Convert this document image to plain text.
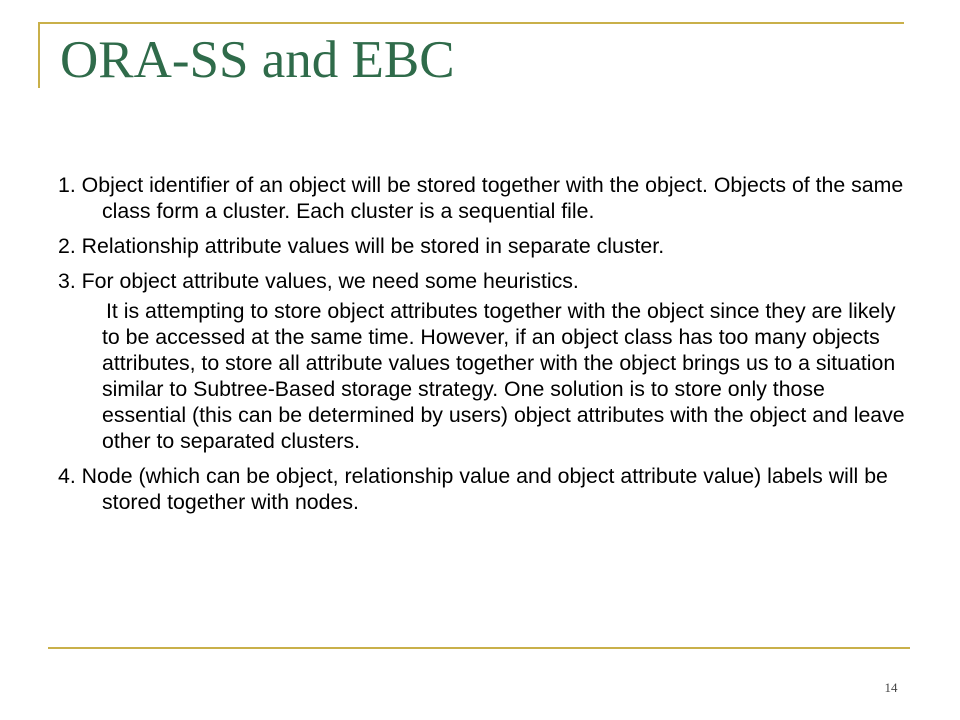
ORA-SS and EBC

1. Object identifier of an object will be stored together with the object. Objects of the same class form a cluster. Each cluster is a sequential file.

2. Relationship attribute values will be stored in separate cluster.

3. For object attribute values, we need some heuristics.

It is attempting to store object attributes together with the object since they are likely to be accessed at the same time. However, if an object class has too many objects attributes, to store all attribute values together with the object brings us to a situation similar to Subtree-Based storage strategy. One solution is to store only those essential (this can be determined by users) object attributes with the object and leave other to separated clusters.

4. Node (which can be object, relationship value and object attribute value) labels will be stored together with nodes.

14
